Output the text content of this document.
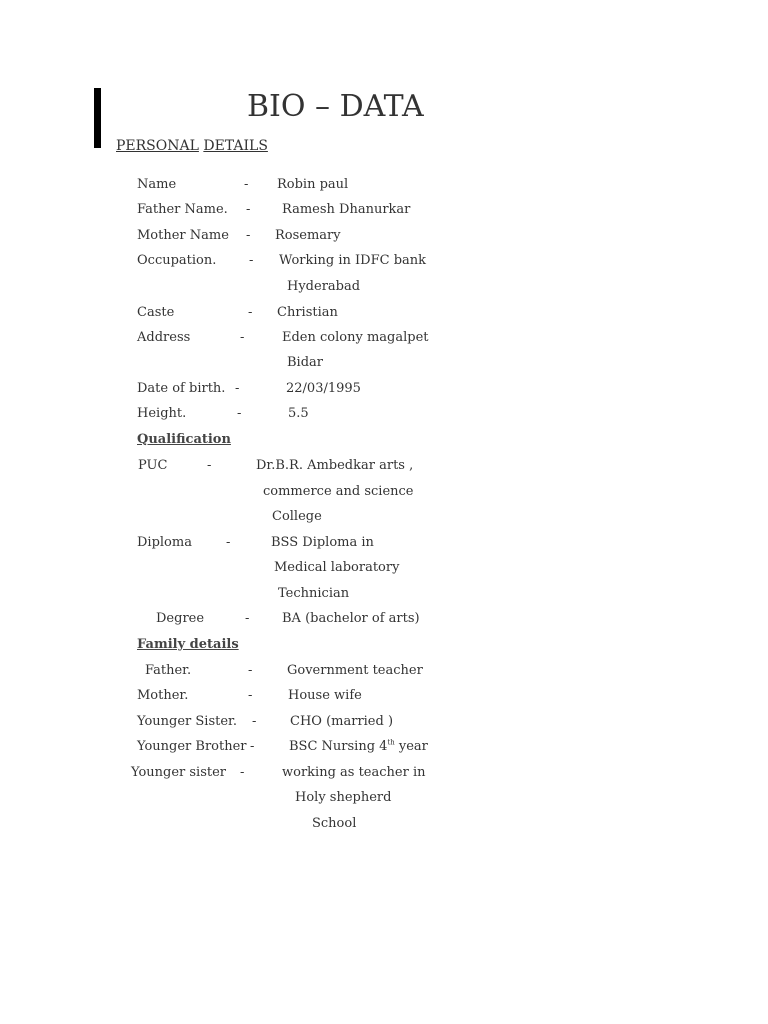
BIO – DATA
PERSONAL DETAILS
Name	- Robin paul
Father Name. - Ramesh Dhanurkar
Mother Name - Rosemary
Occupation.	- Working in IDFC bank
Hyderabad
Caste	- Christian
Address	-	Eden colony magalpet
Bidar
Date of birth. -	22/03/1995
Height.	-	5.5
Qualification
PUC	-	Dr.B.R. Ambedkar arts ,
commerce and science
College
Diploma	-	BSS Diploma in
Medical laboratory
Technician
Degree	-	BA (bachelor of arts)
Family details
Father.	-	Government teacher
Mother.	-	House wife
Younger Sister. -	CHO (married )
Younger Brother -	BSC Nursing 4th year
Younger sister -	working as teacher in
Holy shepherd
School
